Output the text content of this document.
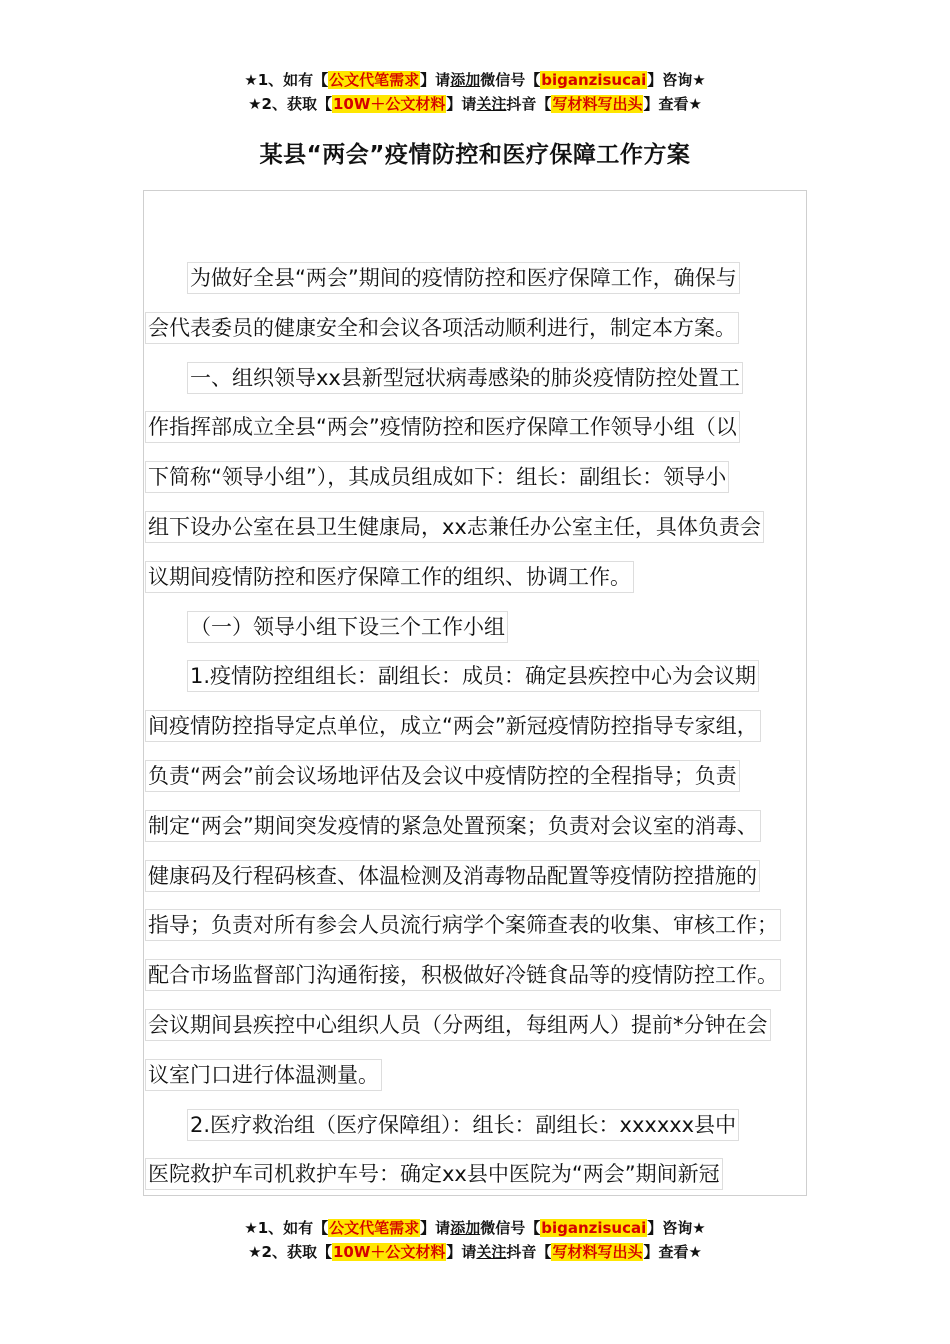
★1、如有【公文代笔需求】请添加微信号【biganzisucai】咨询★
★2、获取【10W＋公文材料】请关注抖音【写材料写出头】查看★
某县“两会”疫情防控和医疗保障工作方案
为做好全县“两会”期间的疫情防控和医疗保障工作，确保与
会代表委员的健康安全和会议各项活动顺利进行，制定本方案。
一、组织领导xx县新型冠状病毒感染的肺炎疫情防控处置工
作指挥部成立全县“两会”疫情防控和医疗保障工作领导小组（以
下简称“领导小组”），其成员组成如下：组长：副组长：领导小
组下设办公室在县卫生健康局，xx志兼任办公室主任，具体负责会
议期间疫情防控和医疗保障工作的组织、协调工作。
（一）领导小组下设三个工作小组
1.疫情防控组组长：副组长：成员：确定县疾控中心为会议期
间疫情防控指导定点单位，成立“两会”新冠疫情防控指导专家组，
负责“两会”前会议场地评估及会议中疫情防控的全程指导；负责
制定“两会”期间突发疫情的紧急处置预案；负责对会议室的消毒、
健康码及行程码核查、体温检测及消毒物品配置等疫情防控措施的
指导；负责对所有参会人员流行病学个案筛查表的收集、审核工作；
配合市场监督部门沟通衔接，积极做好冷链食品等的疫情防控工作。
会议期间县疾控中心组织人员（分两组，每组两人）提前*分钟在会
议室门口进行体温测量。
2.医疗救治组（医疗保障组）：组长：副组长：xxxxxx县中
医院救护车司机救护车号：确定xx县中医院为“两会”期间新冠
★1、如有【公文代笔需求】请添加微信号【biganzisucai】咨询★
★2、获取【10W＋公文材料】请关注抖音【写材料写出头】查看★
